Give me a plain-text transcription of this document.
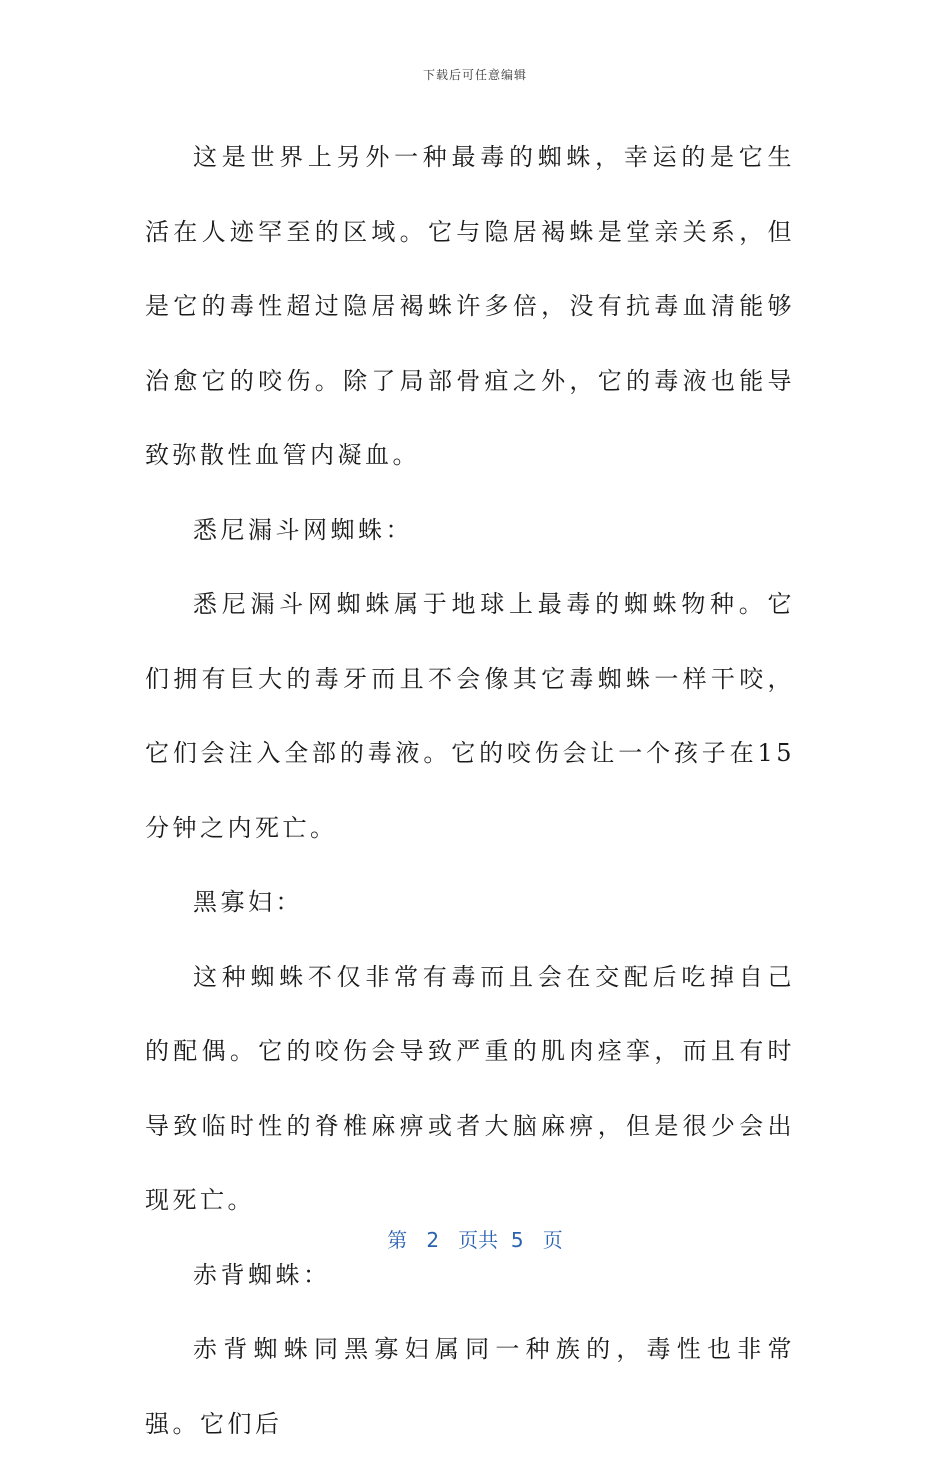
下载后可任意编辑

这是世界上另外一种最毒的蜘蛛，幸运的是它生活在人迹罕至的区域。它与隐居褐蛛是堂亲关系，但是它的毒性超过隐居褐蛛许多倍，没有抗毒血清能够治愈它的咬伤。除了局部骨疽之外，它的毒液也能导致弥散性血管内凝血。

悉尼漏斗网蜘蛛：

悉尼漏斗网蜘蛛属于地球上最毒的蜘蛛物种。它们拥有巨大的毒牙而且不会像其它毒蜘蛛一样干咬，它们会注入全部的毒液。它的咬伤会让一个孩子在15分钟之内死亡。

黑寡妇：

这种蜘蛛不仅非常有毒而且会在交配后吃掉自己的配偶。它的咬伤会导致严重的肌肉痉挛，而且有时导致临时性的脊椎麻痹或者大脑麻痹，但是很少会出现死亡。

赤背蜘蛛：

赤背蜘蛛同黑寡妇属同一种族的，毒性也非常强。它们后

第 2 页共 5 页
